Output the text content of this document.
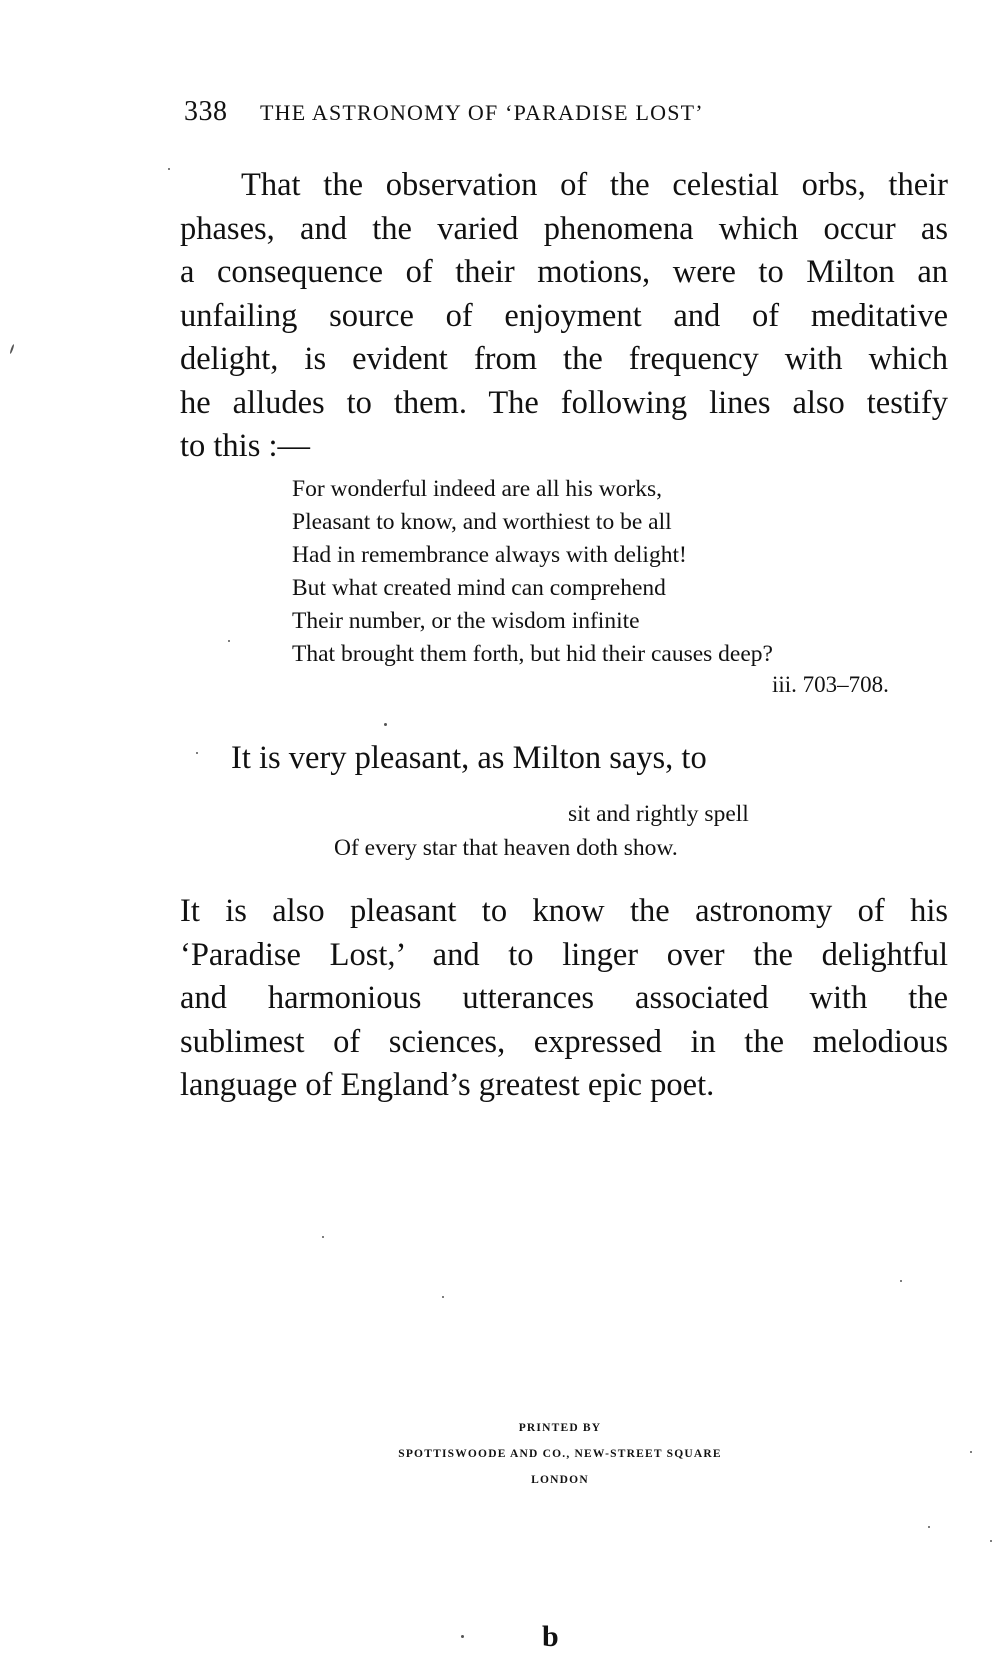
338 THE ASTRONOMY OF ‘PARADISE LOST’
That the observation of the celestial orbs, their
phases, and the varied phenomena which occur as
a consequence of their motions, were to Milton an
unfailing source of enjoyment and of meditative
delight, is evident from the frequency with which
he alludes to them. The following lines also testify
to this :—
For wonderful indeed are all his works,
Pleasant to know, and worthiest to be all
Had in remembrance always with delight!
But what created mind can comprehend
Their number, or the wisdom infinite
That brought them forth, but hid their causes deep?
iii. 703–708.
It is very pleasant, as Milton says, to
sit and rightly spell
Of every star that heaven doth show.
It is also pleasant to know the astronomy of his
‘Paradise Lost,’ and to linger over the delightful
and harmonious utterances associated with the
sublimest of sciences, expressed in the melodious
language of England’s greatest epic poet.
PRINTED BY
SPOTTISWOODE AND CO., NEW-STREET SQUARE
LONDON
b
